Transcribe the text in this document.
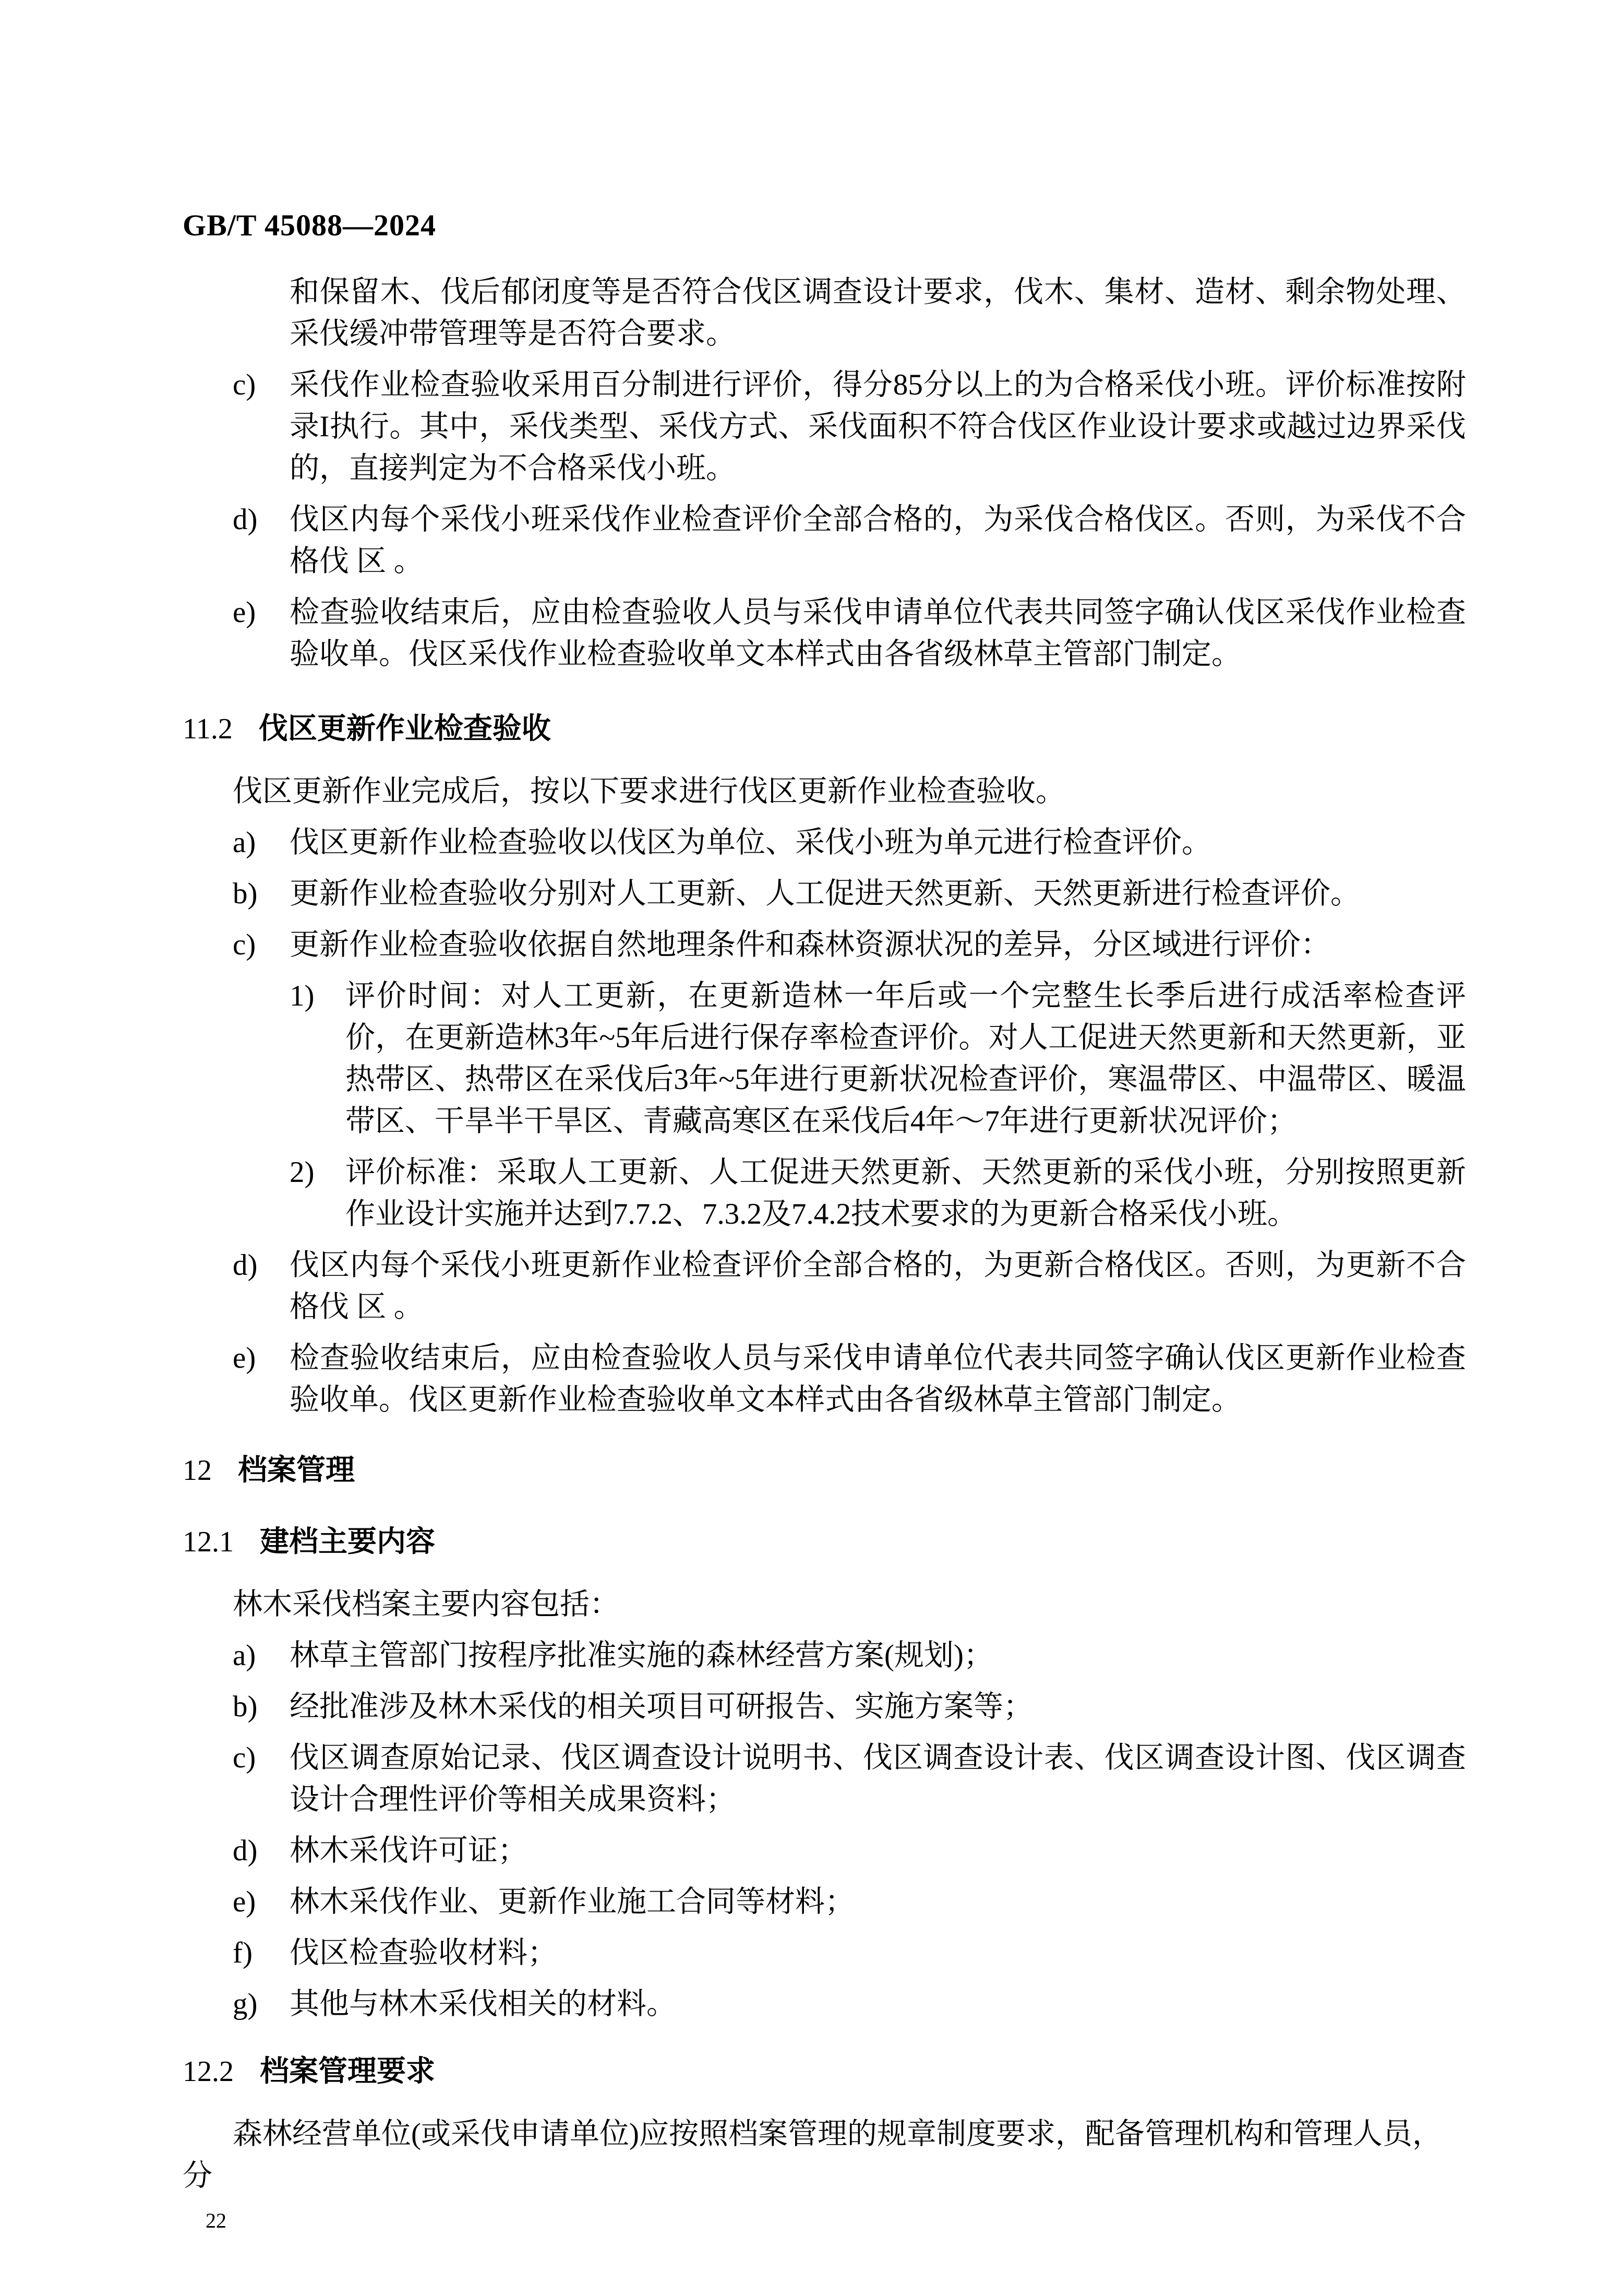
GB/T 45088—2024

和保留木、伐后郁闭度等是否符合伐区调查设计要求，伐木、集材、造材、剩余物处理、采伐缓冲带管理等是否符合要求。

c)	采伐作业检查验收采用百分制进行评价，得分85分以上的为合格采伐小班。评价标准按附录I执行。其中，采伐类型、采伐方式、采伐面积不符合伐区作业设计要求或越过边界采伐的，直接判定为不合格采伐小班。
d)	伐区内每个采伐小班采伐作业检查评价全部合格的，为采伐合格伐区。否则，为采伐不合格伐 区 。
e)	检查验收结束后，应由检查验收人员与采伐申请单位代表共同签字确认伐区采伐作业检查验收单。伐区采伐作业检查验收单文本样式由各省级林草主管部门制定。
11.2 伐区更新作业检查验收

伐区更新作业完成后，按以下要求进行伐区更新作业检查验收。

a)	伐区更新作业检查验收以伐区为单位、采伐小班为单元进行检查评价。
b)	更新作业检查验收分别对人工更新、人工促进天然更新、天然更新进行检查评价。
c)	更新作业检查验收依据自然地理条件和森林资源状况的差异，分区域进行评价：
1)	评价时间：对人工更新，在更新造林一年后或一个完整生长季后进行成活率检查评价，在更新造林3年~5年后进行保存率检查评价。对人工促进天然更新和天然更新，亚热带区、热带区在采伐后3年~5年进行更新状况检查评价，寒温带区、中温带区、暖温带区、干旱半干旱区、青藏高寒区在采伐后4年～7年进行更新状况评价；
2)	评价标准：采取人工更新、人工促进天然更新、天然更新的采伐小班，分别按照更新作业设计实施并达到7.7.2、7.3.2及7.4.2技术要求的为更新合格采伐小班。
d)	伐区内每个采伐小班更新作业检查评价全部合格的，为更新合格伐区。否则，为更新不合格伐 区 。
e)	检查验收结束后，应由检查验收人员与采伐申请单位代表共同签字确认伐区更新作业检查验收单。伐区更新作业检查验收单文本样式由各省级林草主管部门制定。
12 档案管理
12.1 建档主要内容

林木采伐档案主要内容包括：

a)	林草主管部门按程序批准实施的森林经营方案(规划)；
b)	经批准涉及林木采伐的相关项目可研报告、实施方案等；
c)	伐区调查原始记录、伐区调查设计说明书、伐区调查设计表、伐区调查设计图、伐区调查设计合理性评价等相关成果资料；
d)	林木采伐许可证；
e)	林木采伐作业、更新作业施工合同等材料；
f)	伐区检查验收材料；
g)	其他与林木采伐相关的材料。
12.2 档案管理要求

森林经营单位(或采伐申请单位)应按照档案管理的规章制度要求，配备管理机构和管理人员，分

22
